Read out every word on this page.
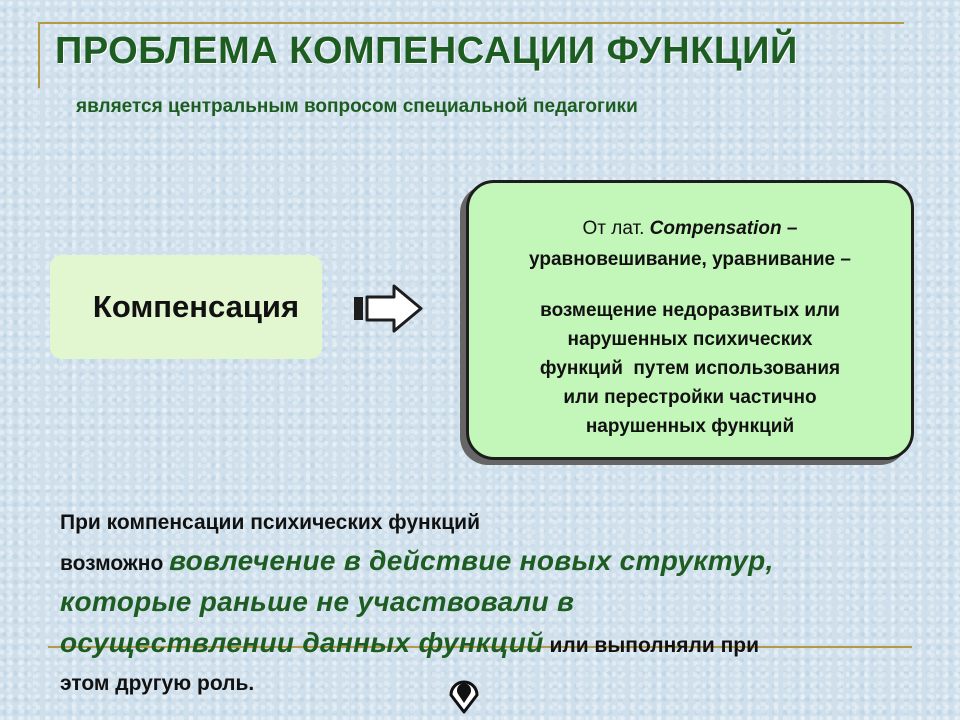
ПРОБЛЕМА КОМПЕНСАЦИИ ФУНКЦИЙ
является центральным вопросом специальной педагогики
Компенсация
От лат. Compensation –
уравновешивание, уравнивание –
возмещение недоразвитых или
нарушенных психических
функций  путем использования
или перестройки частично
нарушенных функций
При компенсации психических функций
возможно вовлечение в действие новых структур,
которые раньше не участвовали в
осуществлении данных функций или выполняли при
этом другую роль.
